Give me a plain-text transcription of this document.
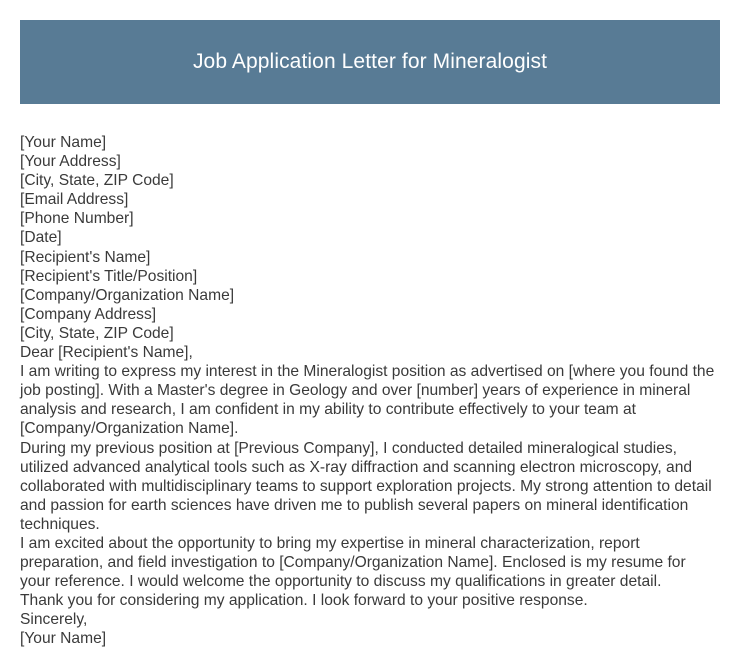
Job Application Letter for Mineralogist
[Your Name]
[Your Address]
[City, State, ZIP Code]
[Email Address]
[Phone Number]
[Date]
[Recipient's Name]
[Recipient's Title/Position]
[Company/Organization Name]
[Company Address]
[City, State, ZIP Code]
Dear [Recipient's Name],

I am writing to express my interest in the Mineralogist position as advertised on [where you found the job posting]. With a Master's degree in Geology and over [number] years of experience in mineral analysis and research, I am confident in my ability to contribute effectively to your team at [Company/Organization Name].

During my previous position at [Previous Company], I conducted detailed mineralogical studies, utilized advanced analytical tools such as X-ray diffraction and scanning electron microscopy, and collaborated with multidisciplinary teams to support exploration projects. My strong attention to detail and passion for earth sciences have driven me to publish several papers on mineral identification techniques.

I am excited about the opportunity to bring my expertise in mineral characterization, report preparation, and field investigation to [Company/Organization Name]. Enclosed is my resume for your reference. I would welcome the opportunity to discuss my qualifications in greater detail.

Thank you for considering my application. I look forward to your positive response.

Sincerely,
[Your Name]
